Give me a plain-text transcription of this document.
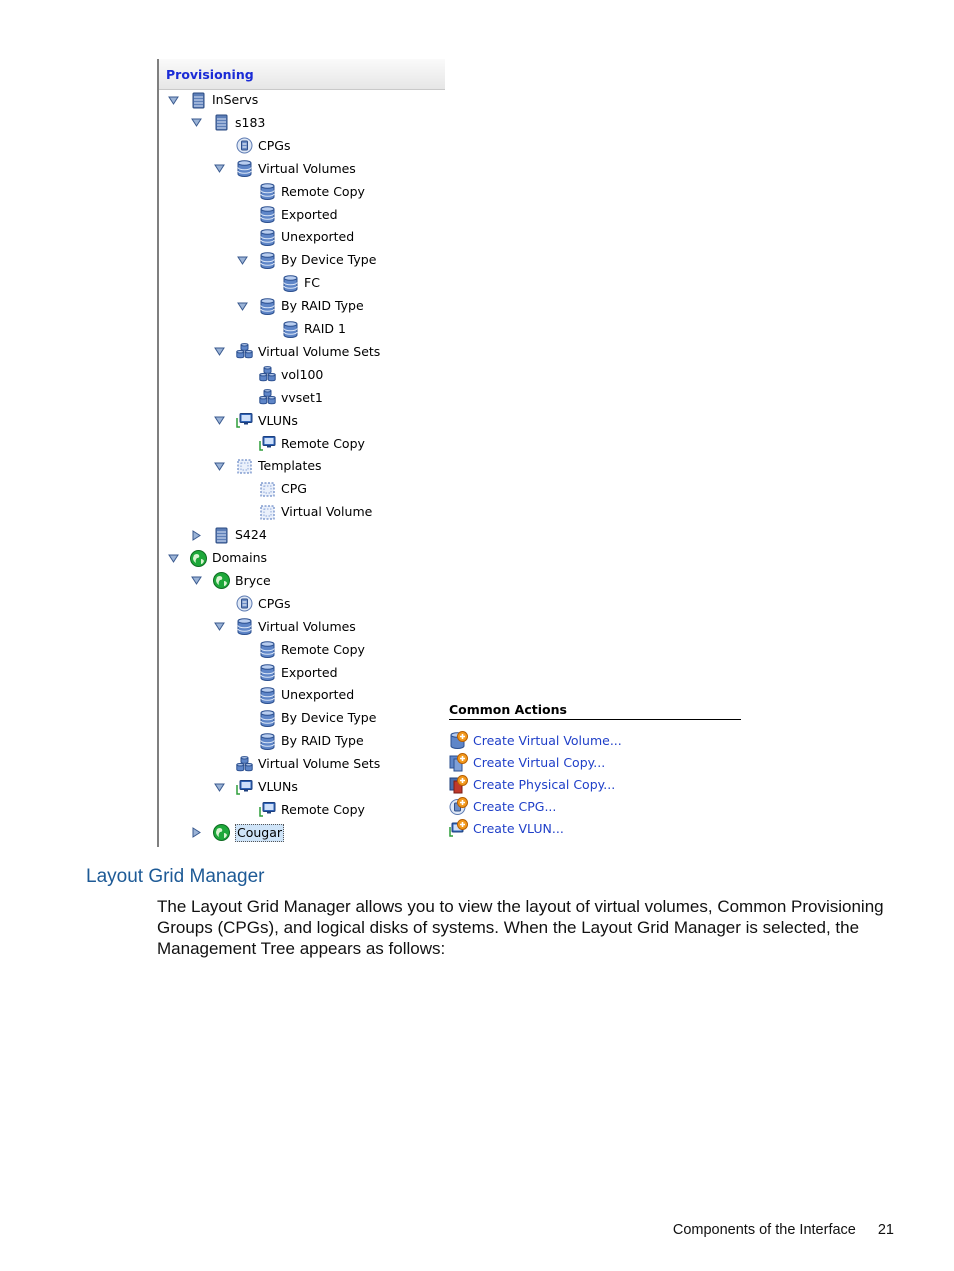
Provisioning
InServs
s183
CPGs
Virtual Volumes
Remote Copy
Exported
Unexported
By Device Type
FC
By RAID Type
RAID 1
Virtual Volume Sets
vol100
vvset1
VLUNs
Remote Copy
Templates
CPG
Virtual Volume
S424
Domains
Bryce
CPGs
Virtual Volumes
Remote Copy
Exported
Unexported
By Device Type
By RAID Type
Virtual Volume Sets
VLUNs
Remote Copy
Cougar
Common Actions
Create Virtual Volume...
Create Virtual Copy...
Create Physical Copy...
Create CPG...
Create VLUN...
Layout Grid Manager
The Layout Grid Manager allows you to view the layout of virtual volumes, Common Provisioning Groups (CPGs), and logical disks of systems. When the Layout Grid Manager is selected, the Management Tree appears as follows:
Components of the Interface 21
